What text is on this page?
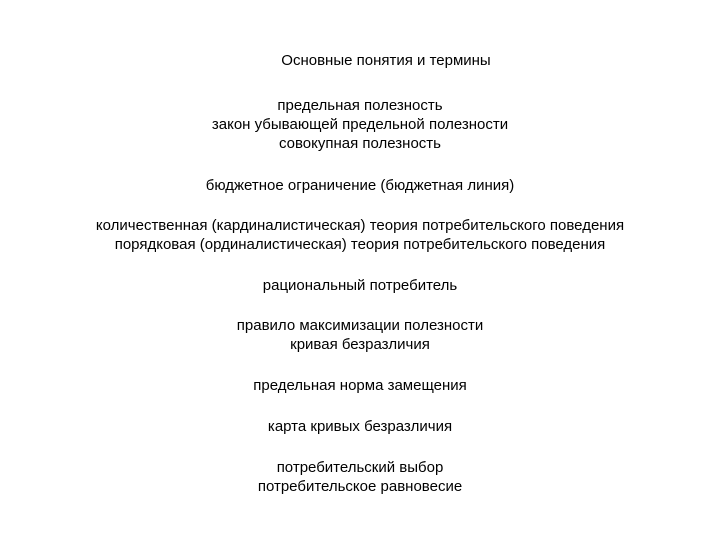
Основные понятия и термины
предельная полезность
закон убывающей предельной полезности
совокупная полезность
бюджетное ограничение (бюджетная линия)
количественная (кардиналистическая) теория потребительского поведения
порядковая (ординалистическая) теория потребительского поведения
рациональный потребитель
правило максимизации полезности
кривая безразличия
предельная норма замещения
карта кривых безразличия
потребительский выбор
потребительское равновесие
